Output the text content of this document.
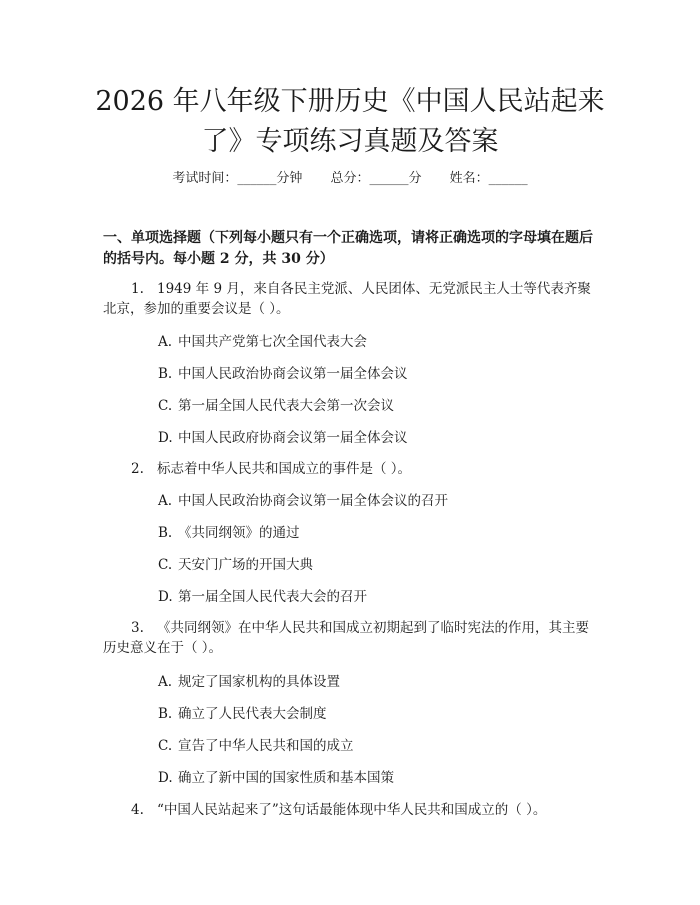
2026 年八年级下册历史《中国人民站起来
了》专项练习真题及答案
考试时间：______分钟 总分：______分 姓名：______
一、单项选择题（下列每小题只有一个正确选项，请将正确选项的字母填在题后
的括号内。每小题 2 分，共 30 分）
1. 1949 年 9 月，来自各民主党派、人民团体、无党派民主人士等代表齐聚
北京，参加的重要会议是（ ）。
A. 中国共产党第七次全国代表大会
B. 中国人民政治协商会议第一届全体会议
C. 第一届全国人民代表大会第一次会议
D. 中国人民政府协商会议第一届全体会议
2. 标志着中华人民共和国成立的事件是（ ）。
A. 中国人民政治协商会议第一届全体会议的召开
B. 《共同纲领》的通过
C. 天安门广场的开国大典
D. 第一届全国人民代表大会的召开
3. 《共同纲领》在中华人民共和国成立初期起到了临时宪法的作用，其主要
历史意义在于（ ）。
A. 规定了国家机构的具体设置
B. 确立了人民代表大会制度
C. 宣告了中华人民共和国的成立
D. 确立了新中国的国家性质和基本国策
4. “中国人民站起来了”这句话最能体现中华人民共和国成立的（ ）。
